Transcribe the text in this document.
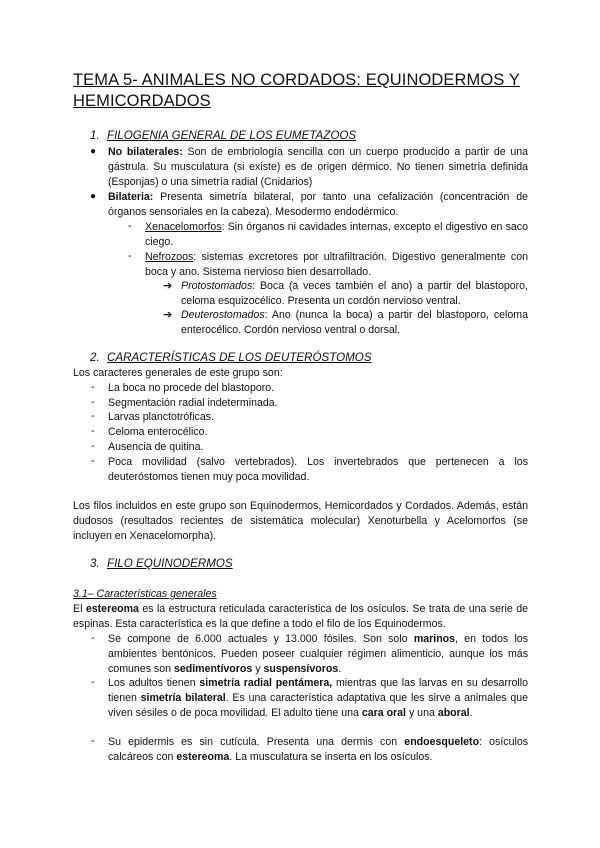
TEMA 5- ANIMALES NO CORDADOS: EQUINODERMOS Y HEMICORDADOS
1. FILOGENIA GENERAL DE LOS EUMETAZOOS
● No bilaterales: Son de embriología sencilla con un cuerpo producido a partir de una gástrula. Su musculatura (si existe) es de origen dérmico. No tienen simetría definida (Esponjas) o una simetría radial (Cnidarios)

● Bilateria: Presenta simetría bilateral, por tanto una cefalización (concentración de órganos sensoriales en la cabeza). Mesodermo endodérmico.

- Xenacelomorfos: Sin órganos ni cavidades internas, excepto el digestivo en saco ciego.

- Nefrozoos: sistemas excretores por ultrafiltración. Digestivo generalmente con boca y ano. Sistema nervioso bien desarrollado.

➔ Protostomados: Boca (a veces también el ano) a partir del blastoporo, celoma esquizocélico. Presenta un cordón nervioso ventral.

➔ Deuterostomados: Ano (nunca la boca) a partir del blastoporo, celoma enterocélico. Cordón nervioso ventral o dorsal.

2. CARACTERÍSTICAS DE LOS DEUTERÓSTOMOS

Los caracteres generales de este grupo son:

- La boca no procede del blastoporo.

- Segmentación radial indeterminada.

- Larvas planctotróficas.

- Celoma enterocélico.

- Ausencia de quitina.

- Poca movilidad (salvo vertebrados). Los invertebrados que pertenecen a los deuteróstomos tienen muy poca movilidad.

Los filos incluidos en este grupo son Equinodermos, Hemicordados y Cordados. Además, están dudosos (resultados recientes de sistemática molecular) Xenoturbella y Acelomorfos (se incluyen en Xenacelomorpha).

3. FILO EQUINODERMOS
3.1– Características generales

El estereoma es la estructura reticulada característica de los osículos. Se trata de una serie de espinas. Esta característica es la que define a todo el filo de los Equinodermos.

- Se compone de 6.000 actuales y 13.000 fósiles. Son solo marinos, en todos los ambientes bentónicos. Pueden poseer cualquier régimen alimenticio, aunque los más comunes son sedimentívoros y suspensívoros.

- Los adultos tienen simetría radial pentámera, mientras que las larvas en su desarrollo tienen simetría bilateral. Es una característica adaptativa que les sirve a animales que viven sésiles o de poca movilidad. El adulto tiene una cara oral y una aboral.

- Su epidermis es sin cutícula. Presenta una dermis con endoesqueleto: osículos calcáreos con estereoma. La musculatura se inserta en los osículos.
